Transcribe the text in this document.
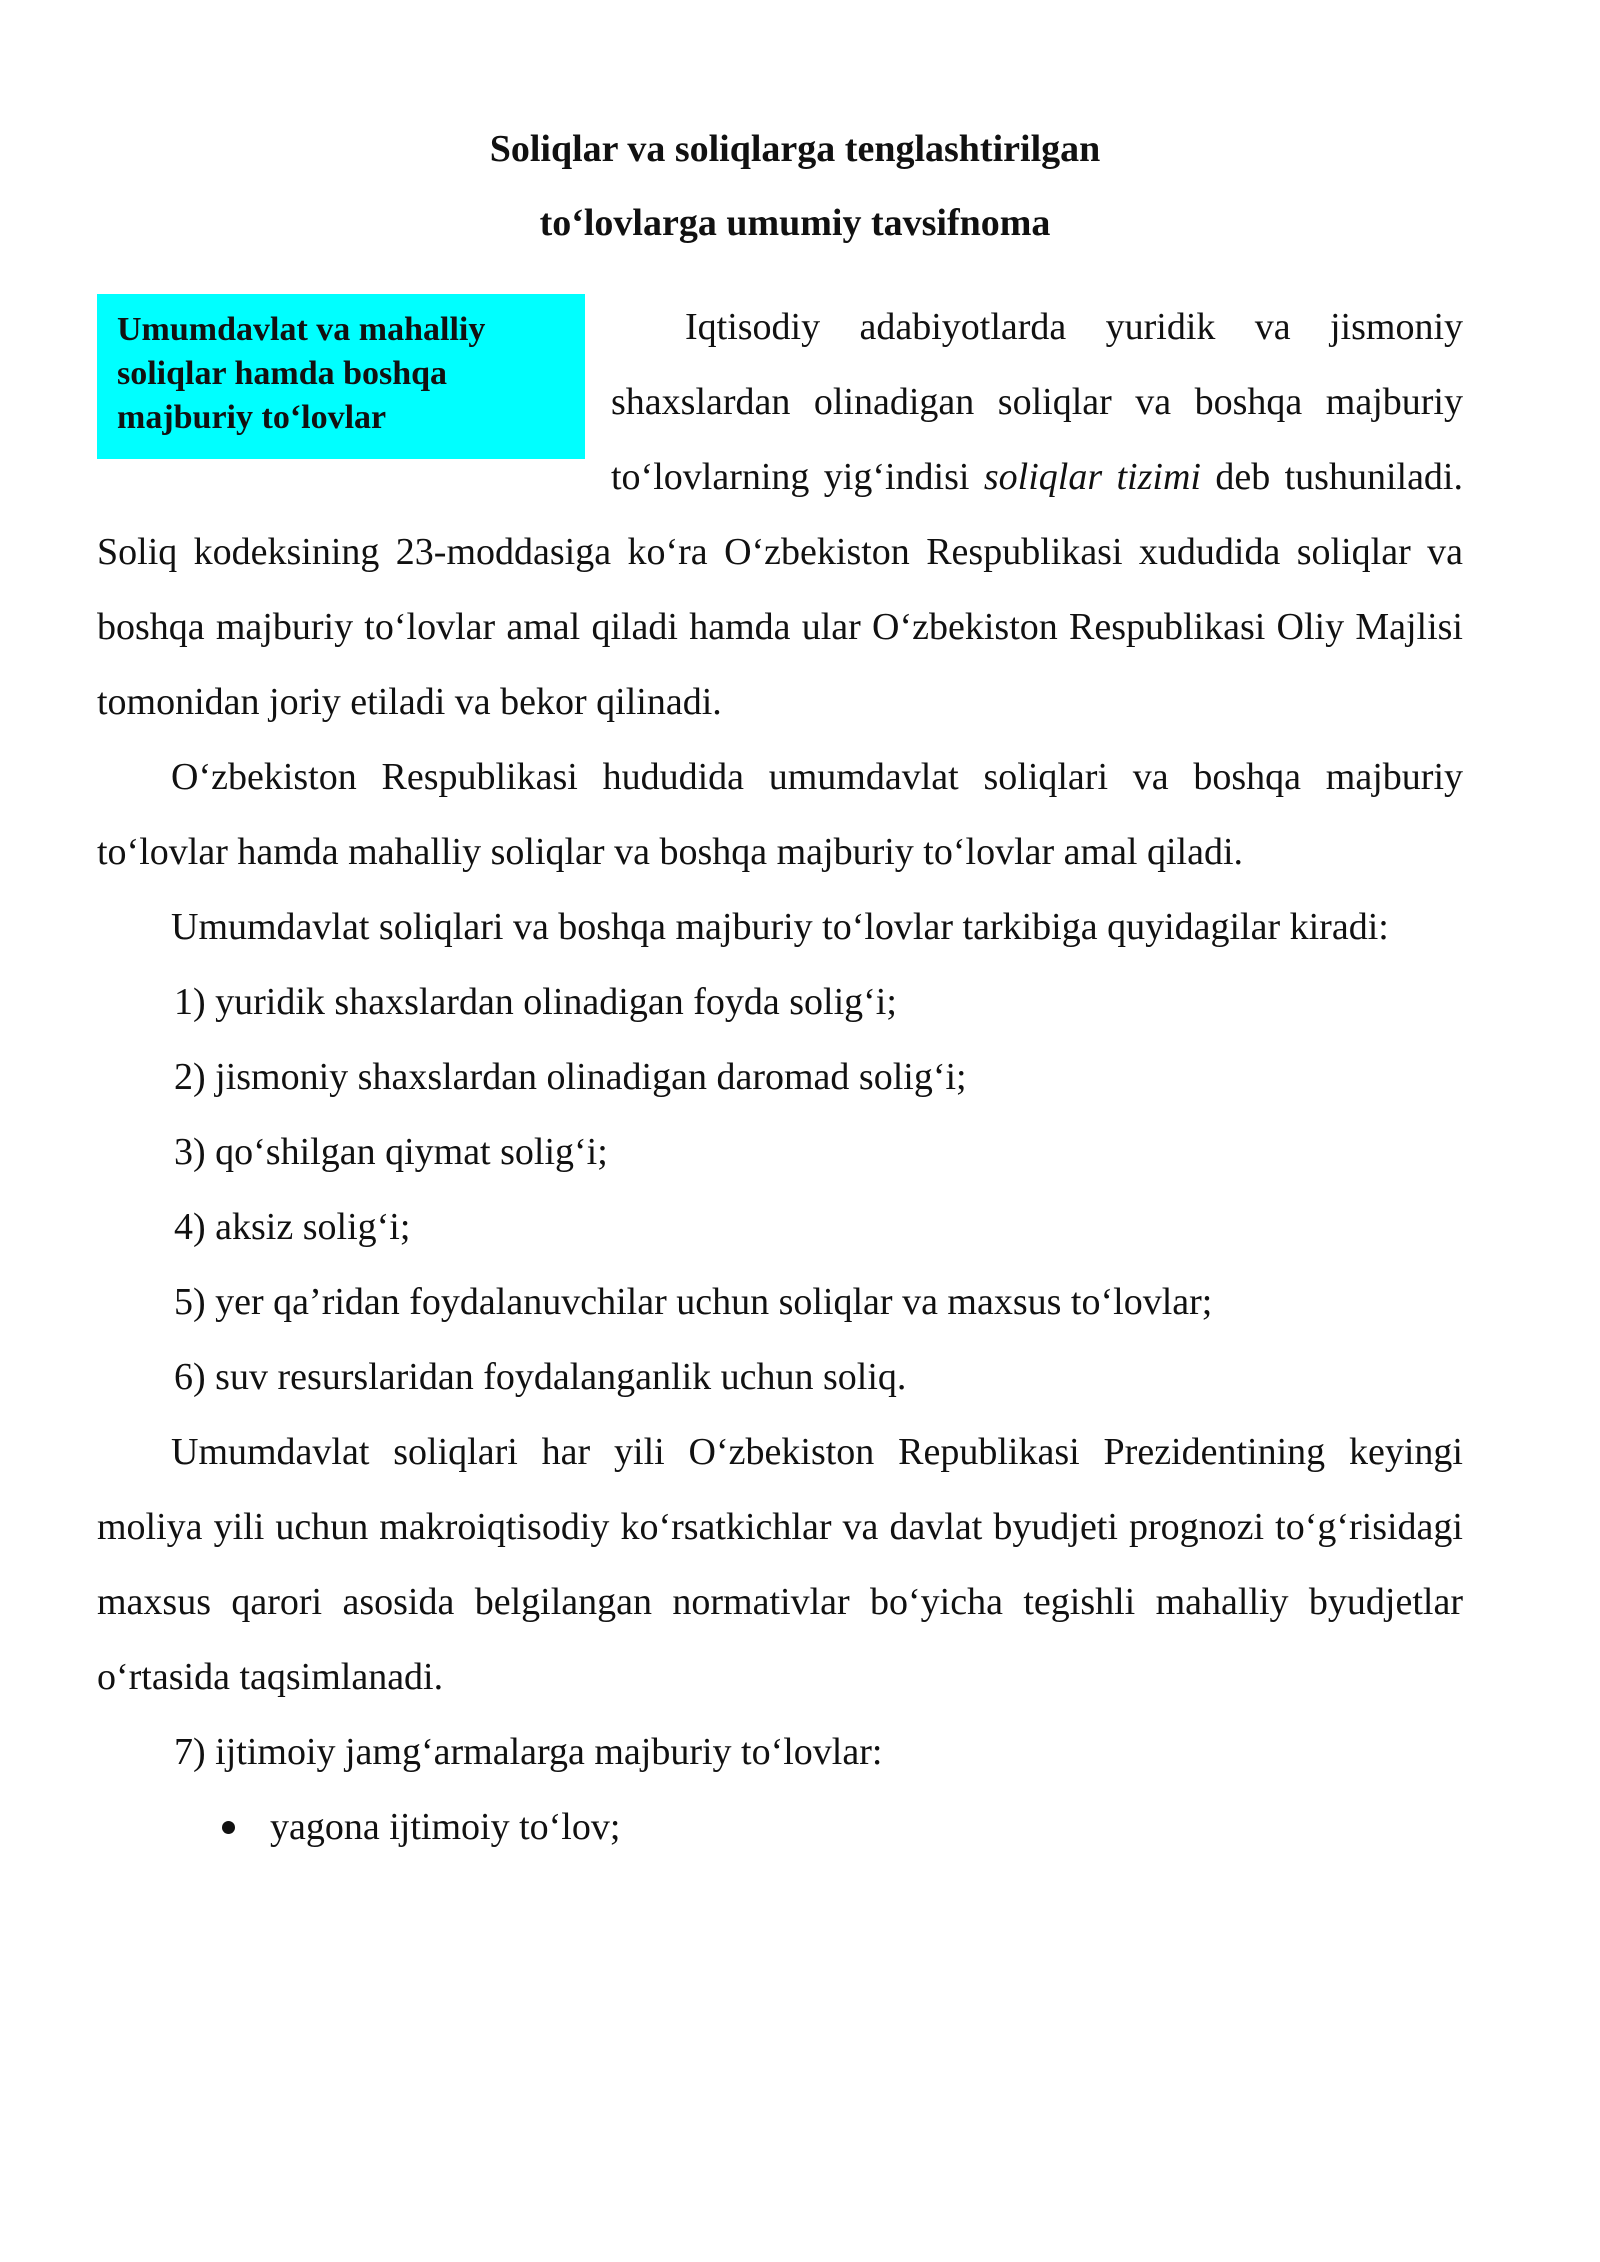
Soliqlar va soliqlarga tenglashtirilgan
to‘lovlarga umumiy tavsifnoma
Umumdavlat va mahalliy
soliqlar hamda boshqa
majburiy to‘lovlar

Iqtisodiy adabiyotlarda yuridik va jismoniy shaxslardan olinadigan soliqlar va boshqa majburiy to‘lovlarning yig‘indisi soliqlar tizimi deb tushuniladi. Soliq kodeksining 23-moddasiga ko‘ra O‘zbekiston Respublikasi xududida soliqlar va boshqa majburiy to‘lovlar amal qiladi hamda ular O‘zbekiston Respublikasi Oliy Majlisi tomonidan joriy etiladi va bekor qilinadi.

O‘zbekiston Respublikasi hududida umumdavlat soliqlari va boshqa majburiy to‘lovlar hamda mahalliy soliqlar va boshqa majburiy to‘lovlar amal qiladi.

Umumdavlat soliqlari va boshqa majburiy to‘lovlar tarkibiga quyidagilar kiradi:

1) yuridik shaxslardan olinadigan foyda solig‘i;

2) jismoniy shaxslardan olinadigan daromad solig‘i;

3) qo‘shilgan qiymat solig‘i;

4) aksiz solig‘i;

5) yer qa’ridan foydalanuvchilar uchun soliqlar va maxsus to‘lovlar;

6) suv resurslaridan foydalanganlik uchun soliq.

Umumdavlat soliqlari har yili O‘zbekiston Republikasi Prezidentining keyingi moliya yili uchun makroiqtisodiy ko‘rsatkichlar va davlat byudjeti prognozi to‘g‘risidagi maxsus qarori asosida belgilangan normativlar bo‘yicha tegishli mahalliy byudjetlar o‘rtasida taqsimlanadi.

7) ijtimoiy jamg‘armalarga majburiy to‘lovlar:

yagona ijtimoiy to‘lov;
